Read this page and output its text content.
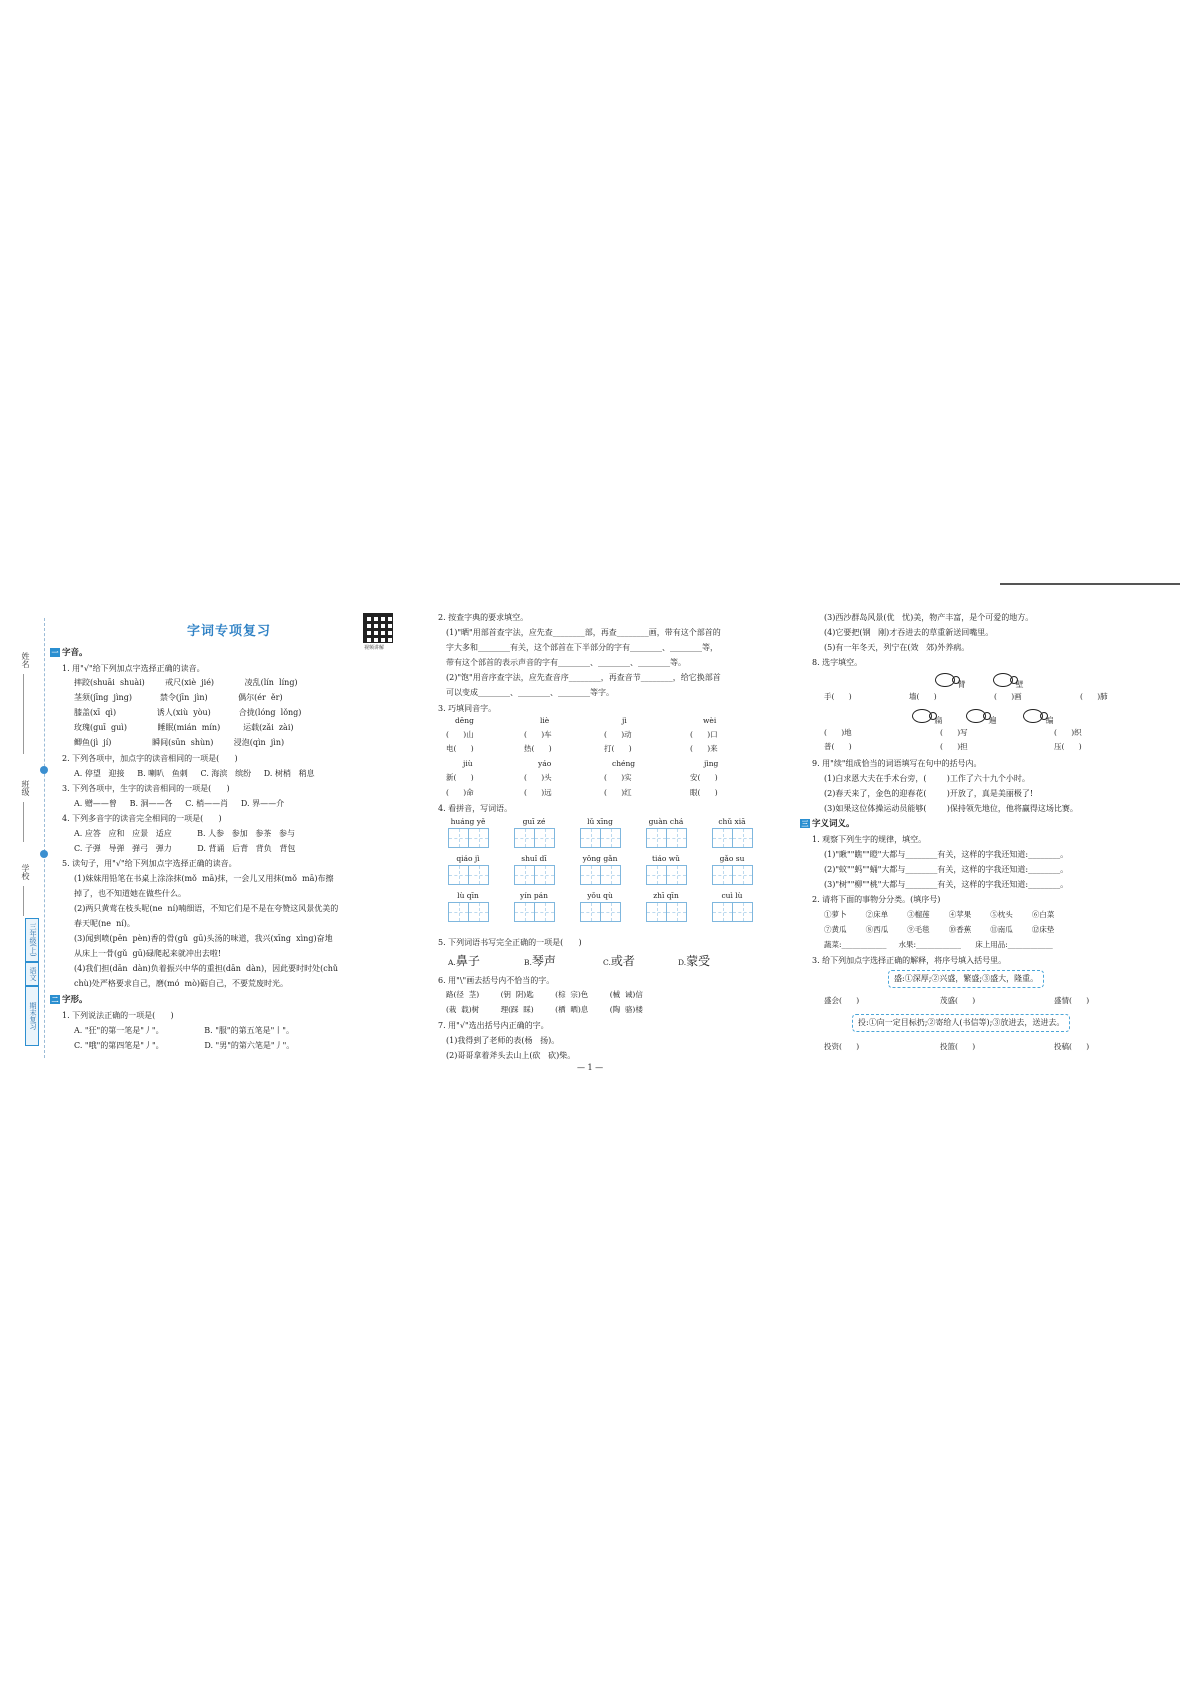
姓名
班级
学校
三年级(上)
语文
期末复习
字词专项复习
视频讲解
一 字音。
1. 用"√"给下列加点字选择正确的读音。
摔跤(shuāi  shuài)        戒尺(xiè  jié)            凌乱(lín  líng)
茎须(jīng  jìng)           禁令(jīn  jìn)            偶尔(ér  ěr)
膝盖(xī  qì)                诱人(xiù  yòu)           合拢(lóng  lǒng)
玫瑰(guī  guì)            睡眠(mián  mín)         运载(zǎi  zài)
鲫鱼(jì  jí)                瞬间(sūn  shùn)        浸泡(qìn  jìn)
2. 下列各项中，加点字的读音相同的一项是(      )
A. 停望   迎接     B. 喇叭   鱼刺     C. 海滨   缤纷     D. 树梢   稍息
3. 下列各项中，生字的读音相同的一项是(      )
A. 赠——曾     B. 洞——各     C. 梢——肖     D. 界——介
4. 下列多音字的读音完全相同的一项是(      )
A. 应答   应和   应景   适应          B. 人参   参加   参茶   参与
C. 子弹   导弹   弹弓   弹力          D. 背诵   后背   背负   背包
5. 读句子，用"√"给下列加点字选择正确的读音。
(1)妹妹用铅笔在书桌上涂涂抹(mǒ  mā)抹，一会儿又用抹(mǒ  mā)布擦
掉了，也不知道她在做些什么。
(2)两只黄莺在枝头呢(ne  ní)喃细语，不知它们是不是在夸赞这风景优美的
春天呢(ne  ní)。
(3)闻到喷(pēn  pèn)香的骨(gǔ  gū)头汤的味道，我兴(xīng  xìng)奋地
从床上一骨(gǔ  gū)碌爬起来就冲出去啦!
(4)我们担(dān  dàn)负着振兴中华的重担(dān  dàn)，因此要时时处(chǔ
chù)处严格要求自己，磨(mó  mò)砺自己，不要荒废时光。
二 字形。
1. 下列说法正确的一项是(      )
A. "狂"的第一笔是"丿"。                B. "服"的第五笔是"丨"。
C. "哦"的第四笔是"丿"。                D. "男"的第六笔是"丿"。
2. 按查字典的要求填空。
(1)"晒"用部首查字法，应先查________部，再查________画，带有这个部首的
字大多和________有关，这个部首在下半部分的字有________、________等，
带有这个部首的表示声音的字有________、________、________等。
(2)"饱"用音序查字法，应先查音序________，再查音节________，给它换部首
可以变成________、________、________等字。
3. 巧填同音字。
dēng	liè	jì	wèi
(      )山	(      )车	(      )动	(      )口
电(      )	热(      )	打(      )	(      )来
jiù	yáo	chéng	jìng
新(      )	(      )头	(      )实	安(      )
(      )命	(      )远	(      )红	眼(      )
4. 看拼音，写词语。
huáng yě	guī zé	lǔ xīng	guàn chá	chǔ xiā
qiáo jì	shuǐ dī	yǒng gǎn	tiáo wǔ	gǎo su
lù qīn	yín pán	yǒu qù	zhī qīn	cuì lù
5. 下列词语书写完全正确的一项是(      )
A.鼻子	B.琴声	C.或者	D.蒙受
6. 用"\"画去括号内不恰当的字。
路(径  茎)         (钥  阴)匙         (棕  宗)色         (械  诫)信
(栽  载)树         理(踩  睬)         (栖  晒)息         (陶  骆)楼
7. 用"√"选出括号内正确的字。
(1)我得到了老师的表(杨   扬)。
(2)哥哥拿着斧头去山上(砍   砍)柴。
— 1 —
(3)西沙群岛风景(优   忧)美，物产丰富，是个可爱的地方。
(4)它要把(钢   刚)才吞进去的草重新送回嘴里。
(5)有一年冬天，列宁在(效   郊)外养病。
8. 选字填空。
臂	壁
手(      )	墙(      )	(      )画	(      )肺
扁	遍	编
(      )地	(      )写	(      )织
普(      )	(      )担	压(      )
9. 用"续"组成恰当的词语填写在句中的括号内。
(1)白求恩大夫在手术台旁，(        )工作了六十九个小时。
(2)春天来了，金色的迎春花(        )开放了，真是美丽极了!
(3)如果这位体操运动员能够(        )保持领先地位，他将赢得这场比赛。
三 字义词义。
1. 观察下列生字的规律，填空。
(1)"瞅""瞧""瞪"大都与________有关，这样的字我还知道:________。
(2)"蚊""蚂""蛹"大都与________有关，这样的字我还知道:________。
(3)"树""柳""桃"大都与________有关，这样的字我还知道:________。
2. 请将下面的事物分分类。(填序号)
①萝卜        ②床单        ③榴莲        ④苹果        ⑤枕头        ⑥白菜
⑦黄瓜        ⑧西瓜        ⑨毛毯        ⑩香蕉        ⑪南瓜        ⑫床垫
蔬菜:____________     水果:____________      床上用品:____________
3. 给下列加点字选择正确的解释，将序号填入括号里。
盛:①深厚;②兴盛，繁盛;③盛大，隆重。
盛会(      )	茂盛(      )	盛情(      )
投:①向一定目标扔;②寄给人(书信等);③放进去，送进去。
投资(      )	投篮(      )	投稿(      )
